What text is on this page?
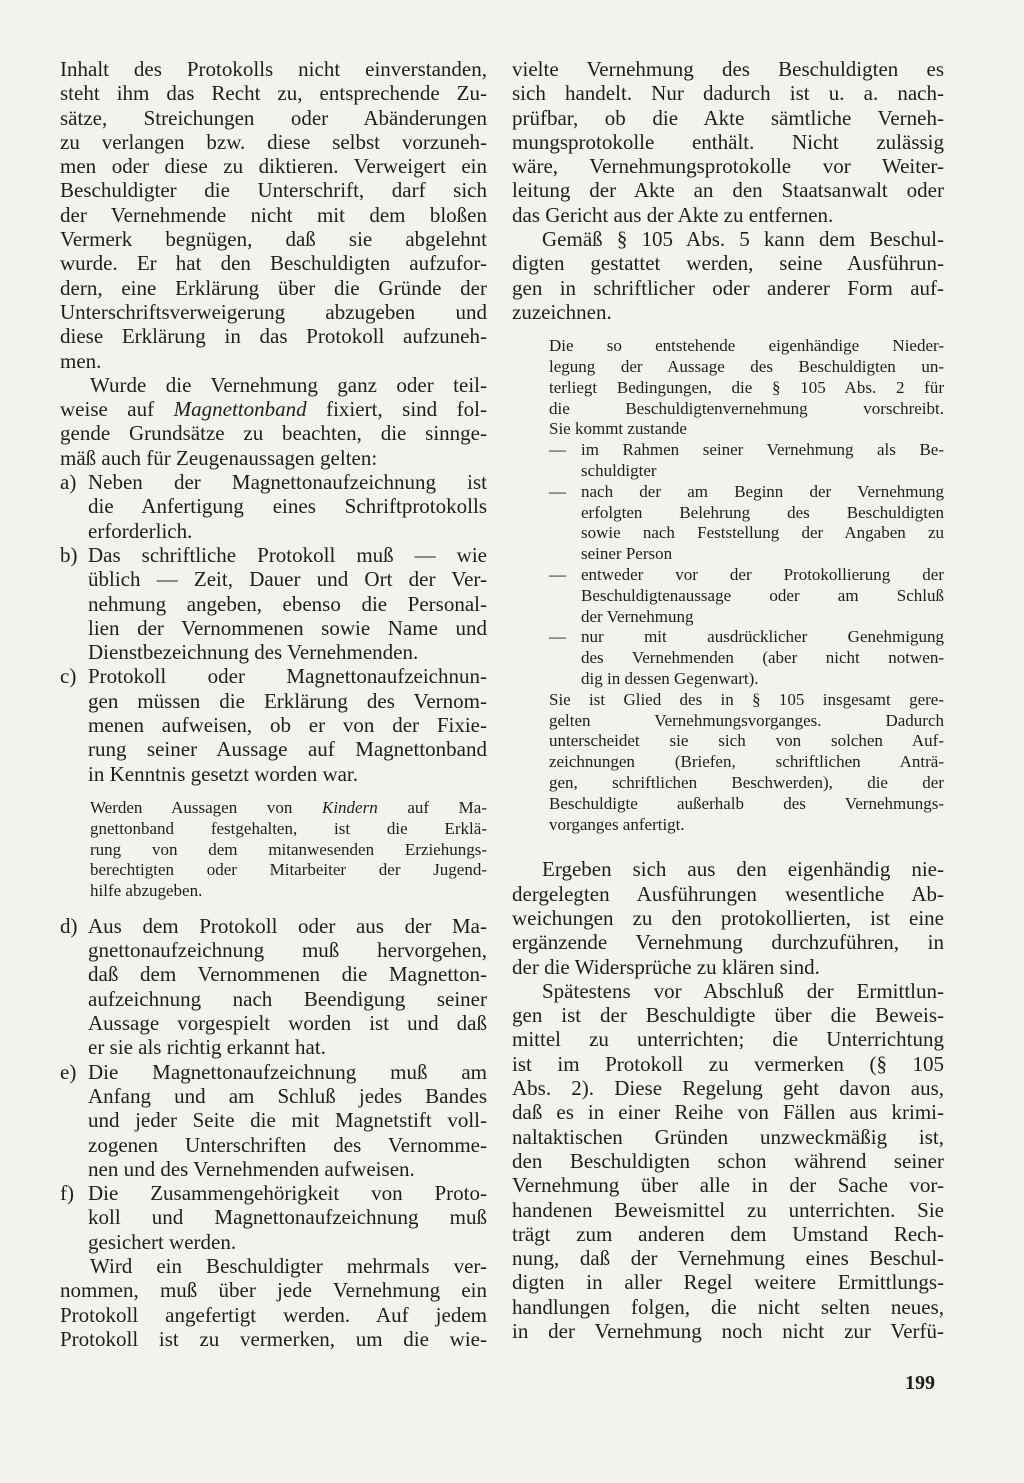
Inhalt des Protokolls nicht einverstanden,
steht ihm das Recht zu, entsprechende Zu-
sätze, Streichungen oder Abänderungen
zu verlangen bzw. diese selbst vorzuneh-
men oder diese zu diktieren. Verweigert ein
Beschuldigter die Unterschrift, darf sich
der Vernehmende nicht mit dem bloßen
Vermerk begnügen, daß sie abgelehnt
wurde. Er hat den Beschuldigten aufzufor-
dern, eine Erklärung über die Gründe der
Unterschriftsverweigerung abzugeben und
diese Erklärung in das Protokoll aufzuneh-
men.
Wurde die Vernehmung ganz oder teil-
weise auf Magnettonband fixiert, sind fol-
gende Grundsätze zu beachten, die sinnge-
mäß auch für Zeugenaussagen gelten:
a) Neben der Magnettonaufzeichnung ist
die Anfertigung eines Schriftprotokolls
erforderlich.
b) Das schriftliche Protokoll muß — wie
üblich — Zeit, Dauer und Ort der Ver-
nehmung angeben, ebenso die Personal-
lien der Vernommenen sowie Name und
Dienstbezeichnung des Vernehmenden.
c) Protokoll oder Magnettonaufzeichnun-
gen müssen die Erklärung des Vernom-
menen aufweisen, ob er von der Fixie-
rung seiner Aussage auf Magnettonband
in Kenntnis gesetzt worden war.
Werden Aussagen von Kindern auf Ma-
gnettonband festgehalten, ist die Erklä-
rung von dem mitanwesenden Erziehungs-
berechtigten oder Mitarbeiter der Jugend-
hilfe abzugeben.
d) Aus dem Protokoll oder aus der Ma-
gnettonaufzeichnung muß hervorgehen,
daß dem Vernommenen die Magnetton-
aufzeichnung nach Beendigung seiner
Aussage vorgespielt worden ist und daß
er sie als richtig erkannt hat.
e) Die Magnettonaufzeichnung muß am
Anfang und am Schluß jedes Bandes
und jeder Seite die mit Magnetstift voll-
zogenen Unterschriften des Vernomme-
nen und des Vernehmenden aufweisen.
f) Die Zusammengehörigkeit von Proto-
koll und Magnettonaufzeichnung muß
gesichert werden.
Wird ein Beschuldigter mehrmals ver-
nommen, muß über jede Vernehmung ein
Protokoll angefertigt werden. Auf jedem
Protokoll ist zu vermerken, um die wie-
vielte Vernehmung des Beschuldigten es
sich handelt. Nur dadurch ist u. a. nach-
prüfbar, ob die Akte sämtliche Verneh-
mungsprotokolle enthält. Nicht zulässig
wäre, Vernehmungsprotokolle vor Weiter-
leitung der Akte an den Staatsanwalt oder
das Gericht aus der Akte zu entfernen.
Gemäß § 105 Abs. 5 kann dem Beschul-
digten gestattet werden, seine Ausführun-
gen in schriftlicher oder anderer Form auf-
zuzeichnen.
Die so entstehende eigenhändige Nieder-
legung der Aussage des Beschuldigten un-
terliegt Bedingungen, die § 105 Abs. 2 für
die Beschuldigtenvernehmung vorschreibt.
Sie kommt zustande
— im Rahmen seiner Vernehmung als Be-
schuldigter
— nach der am Beginn der Vernehmung
erfolgten Belehrung des Beschuldigten
sowie nach Feststellung der Angaben zu
seiner Person
— entweder vor der Protokollierung der
Beschuldigtenaussage oder am Schluß
der Vernehmung
— nur mit ausdrücklicher Genehmigung
des Vernehmenden (aber nicht notwen-
dig in dessen Gegenwart).
Sie ist Glied des in § 105 insgesamt gere-
gelten Vernehmungsvorganges. Dadurch
unterscheidet sie sich von solchen Auf-
zeichnungen (Briefen, schriftlichen Anträ-
gen, schriftlichen Beschwerden), die der
Beschuldigte außerhalb des Vernehmungs-
vorganges anfertigt.
Ergeben sich aus den eigenhändig nie-
dergelegten Ausführungen wesentliche Ab-
weichungen zu den protokollierten, ist eine
ergänzende Vernehmung durchzuführen, in
der die Widersprüche zu klären sind.
Spätestens vor Abschluß der Ermittlun-
gen ist der Beschuldigte über die Beweis-
mittel zu unterrichten; die Unterrichtung
ist im Protokoll zu vermerken (§ 105
Abs. 2). Diese Regelung geht davon aus,
daß es in einer Reihe von Fällen aus krimi-
naltaktischen Gründen unzweckmäßig ist,
den Beschuldigten schon während seiner
Vernehmung über alle in der Sache vor-
handenen Beweismittel zu unterrichten. Sie
trägt zum anderen dem Umstand Rech-
nung, daß der Vernehmung eines Beschul-
digten in aller Regel weitere Ermittlungs-
handlungen folgen, die nicht selten neues,
in der Vernehmung noch nicht zur Verfü-
199
